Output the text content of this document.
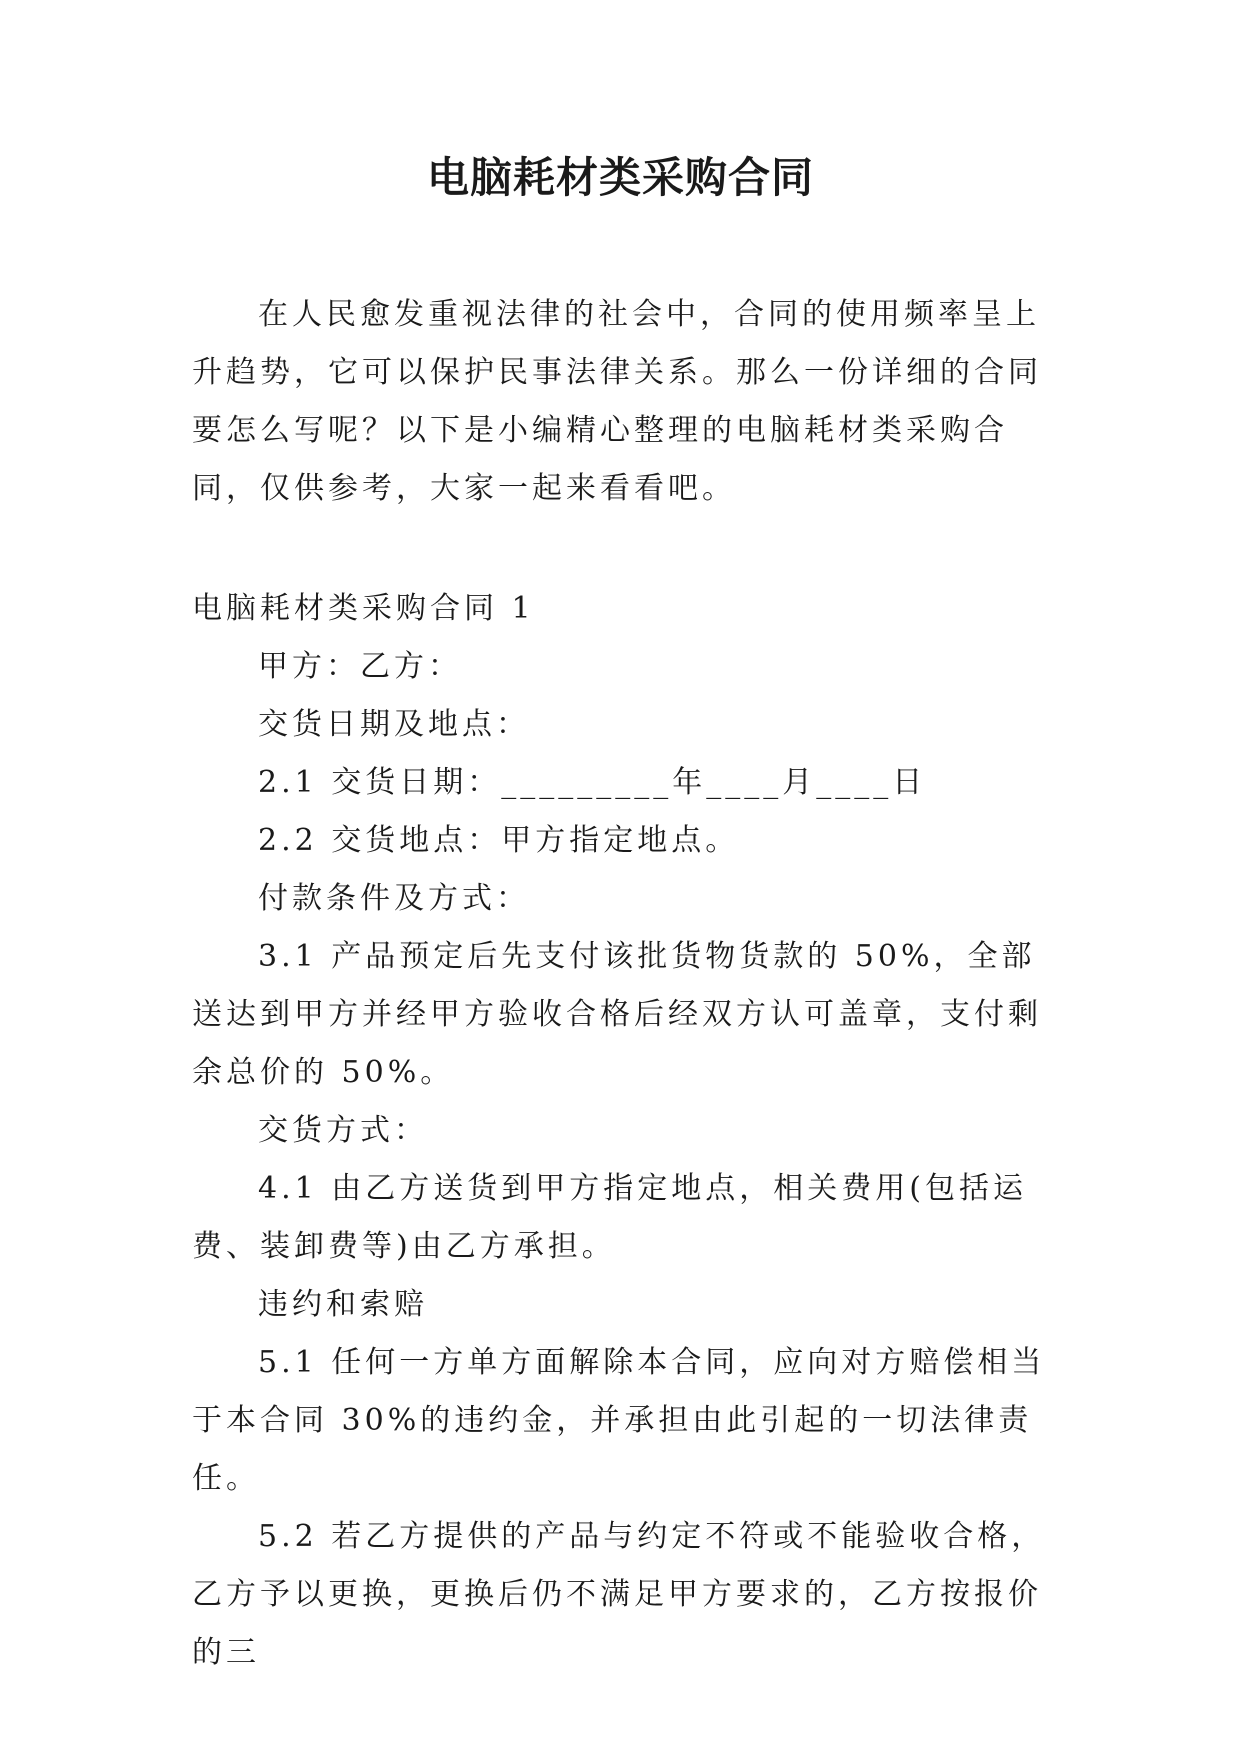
电脑耗材类采购合同

在人民愈发重视法律的社会中，合同的使用频率呈上升趋势，它可以保护民事法律关系。那么一份详细的合同要怎么写呢？以下是小编精心整理的电脑耗材类采购合同，仅供参考，大家一起来看看吧。

电脑耗材类采购合同 1

甲方：乙方：

交货日期及地点：

2.1 交货日期：_________年____月____日

2.2 交货地点：甲方指定地点。

付款条件及方式：

3.1 产品预定后先支付该批货物货款的 50%，全部送达到甲方并经甲方验收合格后经双方认可盖章，支付剩余总价的 50%。

交货方式：

4.1 由乙方送货到甲方指定地点，相关费用(包括运费、装卸费等)由乙方承担。

违约和索赔

5.1 任何一方单方面解除本合同，应向对方赔偿相当于本合同 30%的违约金，并承担由此引起的一切法律责任。

5.2 若乙方提供的产品与约定不符或不能验收合格，乙方予以更换，更换后仍不满足甲方要求的，乙方按报价的三
